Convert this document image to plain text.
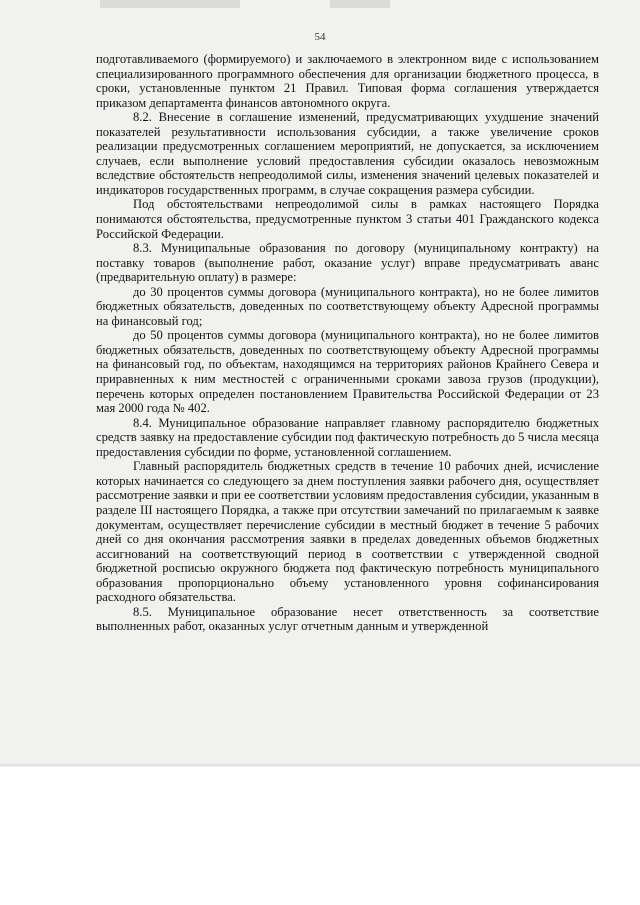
54

подготавливаемого (формируемого) и заключаемого в электронном виде с использованием специализированного программного обеспечения для организации бюджетного процесса, в сроки, установленные пунктом 21 Правил. Типовая форма соглашения утверждается приказом департамента финансов автономного округа.

8.2. Внесение в соглашение изменений, предусматривающих ухудшение значений показателей результативности использования субсидии, а также увеличение сроков реализации предусмотренных соглашением мероприятий, не допускается, за исключением случаев, если выполнение условий предоставления субсидии оказалось невозможным вследствие обстоятельств непреодолимой силы, изменения значений целевых показателей и индикаторов государственных программ, в случае сокращения размера субсидии.

Под обстоятельствами непреодолимой силы в рамках настоящего Порядка понимаются обстоятельства, предусмотренные пунктом 3 статьи 401 Гражданского кодекса Российской Федерации.

8.3. Муниципальные образования по договору (муниципальному контракту) на поставку товаров (выполнение работ, оказание услуг) вправе предусматривать аванс (предварительную оплату) в размере:

до 30 процентов суммы договора (муниципального контракта), но не более лимитов бюджетных обязательств, доведенных по соответствующему объекту Адресной программы на финансовый год;

до 50 процентов суммы договора (муниципального контракта), но не более лимитов бюджетных обязательств, доведенных по соответствующему объекту Адресной программы на финансовый год, по объектам, находящимся на территориях районов Крайнего Севера и приравненных к ним местностей с ограниченными сроками завоза грузов (продукции), перечень которых определен постановлением Правительства Российской Федерации от 23 мая 2000 года № 402.

8.4. Муниципальное образование направляет главному распорядителю бюджетных средств заявку на предоставление субсидии под фактическую потребность до 5 числа месяца предоставления субсидии по форме, установленной соглашением.

Главный распорядитель бюджетных средств в течение 10 рабочих дней, исчисление которых начинается со следующего за днем поступления заявки рабочего дня, осуществляет рассмотрение заявки и при ее соответствии условиям предоставления субсидии, указанным в разделе III настоящего Порядка, а также при отсутствии замечаний по прилагаемым к заявке документам, осуществляет перечисление субсидии в местный бюджет в течение 5 рабочих дней со дня окончания рассмотрения заявки в пределах доведенных объемов бюджетных ассигнований на соответствующий период в соответствии с утвержденной сводной бюджетной росписью окружного бюджета под фактическую потребность муниципального образования пропорционально объему установленного уровня софинансирования расходного обязательства.

8.5. Муниципальное образование несет ответственность за соответствие выполненных работ, оказанных услуг отчетным данным и утвержденной
